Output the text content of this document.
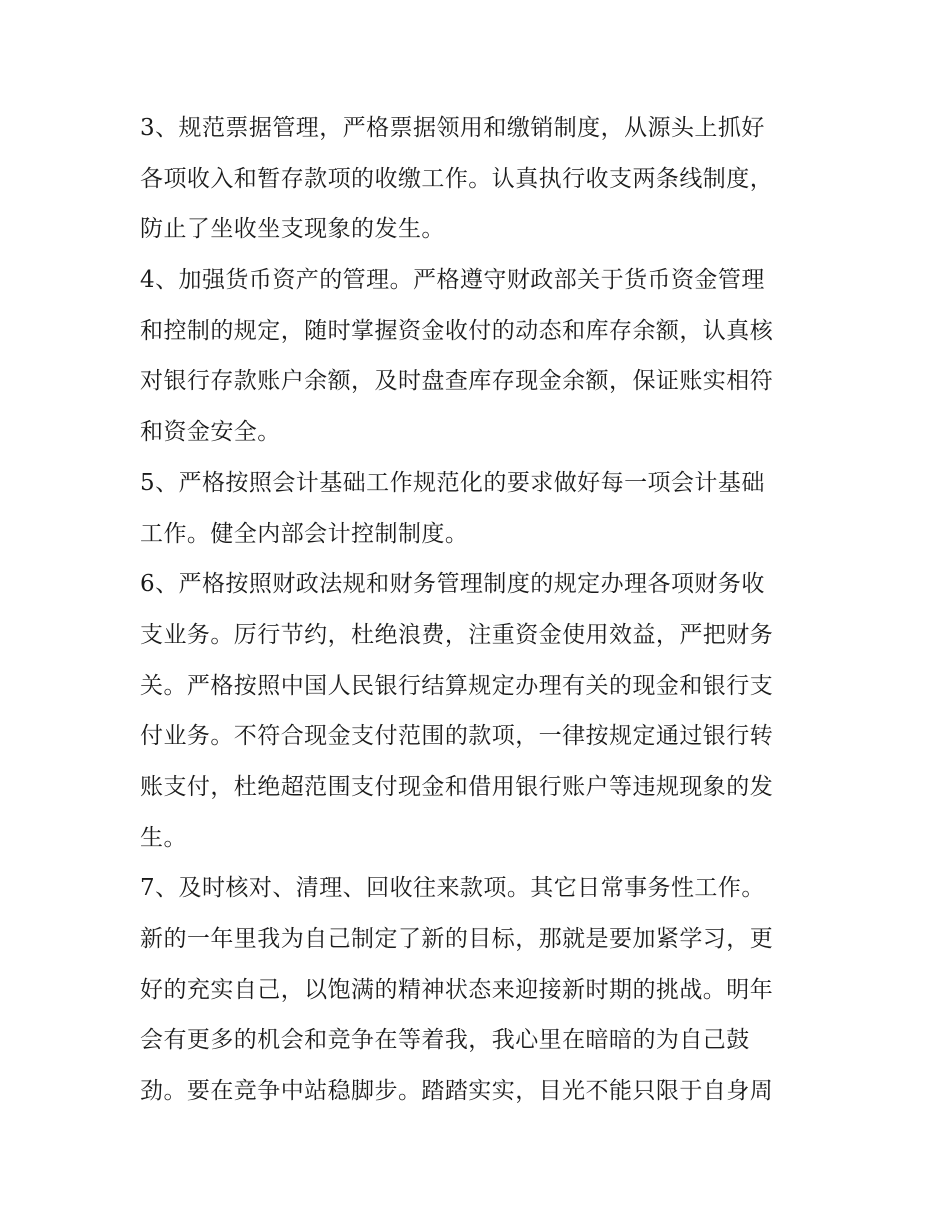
3、规范票据管理，严格票据领用和缴销制度，从源头上抓好
各项收入和暂存款项的收缴工作。认真执行收支两条线制度，
防止了坐收坐支现象的发生。
4、加强货币资产的管理。严格遵守财政部关于货币资金管理
和控制的规定，随时掌握资金收付的动态和库存余额，认真核
对银行存款账户余额，及时盘查库存现金余额，保证账实相符
和资金安全。
5、严格按照会计基础工作规范化的要求做好每一项会计基础
工作。健全内部会计控制制度。
6、严格按照财政法规和财务管理制度的规定办理各项财务收
支业务。厉行节约，杜绝浪费，注重资金使用效益，严把财务
关。严格按照中国人民银行结算规定办理有关的现金和银行支
付业务。不符合现金支付范围的款项，一律按规定通过银行转
账支付，杜绝超范围支付现金和借用银行账户等违规现象的发
生。
7、及时核对、清理、回收往来款项。其它日常事务性工作。
新的一年里我为自己制定了新的目标，那就是要加紧学习，更
好的充实自己，以饱满的精神状态来迎接新时期的挑战。明年
会有更多的机会和竞争在等着我，我心里在暗暗的为自己鼓
劲。要在竞争中站稳脚步。踏踏实实，目光不能只限于自身周
